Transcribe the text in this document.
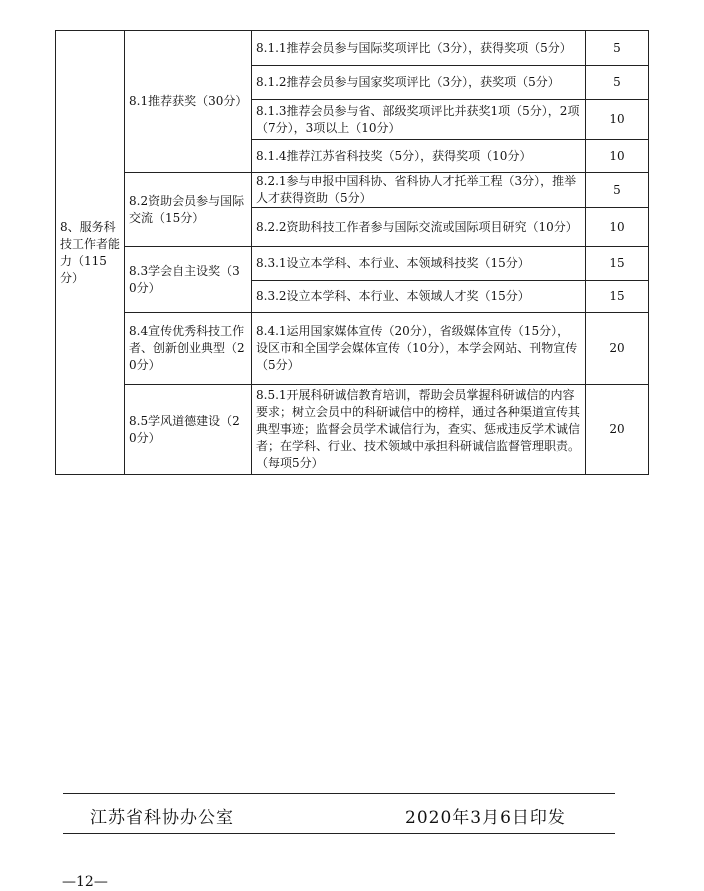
8、服务科技工作者能力（115分）	8.1推荐获奖（30分）	8.1.1推荐会员参与国际奖项评比（3分），获得奖项（5分）	5
		8.1.2推荐会员参与国家奖项评比（3分），获奖项（5分）	5
		8.1.3推荐会员参与省、部级奖项评比并获奖1项（5分），2项（7分），3项以上（10分）	10
		8.1.4推荐江苏省科技奖（5分），获得奖项（10分）	10
	8.2资助会员参与国际交流（15分）	8.2.1参与申报中国科协、省科协人才托举工程（3分），推举人才获得资助（5分）	5
		8.2.2资助科技工作者参与国际交流或国际项目研究（10分）	10
	8.3学会自主设奖（30分）	8.3.1设立本学科、本行业、本领域科技奖（15分）	15
		8.3.2设立本学科、本行业、本领域人才奖（15分）	15
	8.4宣传优秀科技工作者、创新创业典型（20分）	8.4.1运用国家媒体宣传（20分），省级媒体宣传（15分），设区市和全国学会媒体宣传（10分），本学会网站、刊物宣传（5分）	20
	8.5学风道德建设（20分）	8.5.1开展科研诚信教育培训，帮助会员掌握科研诚信的内容要求；树立会员中的科研诚信中的榜样，通过各种渠道宣传其典型事迹；监督会员学术诚信行为，查实、惩戒违反学术诚信者；在学科、行业、技术领域中承担科研诚信监督管理职责。（每项5分）	20
江苏省科协办公室	2020年3月6日印发
—12—
